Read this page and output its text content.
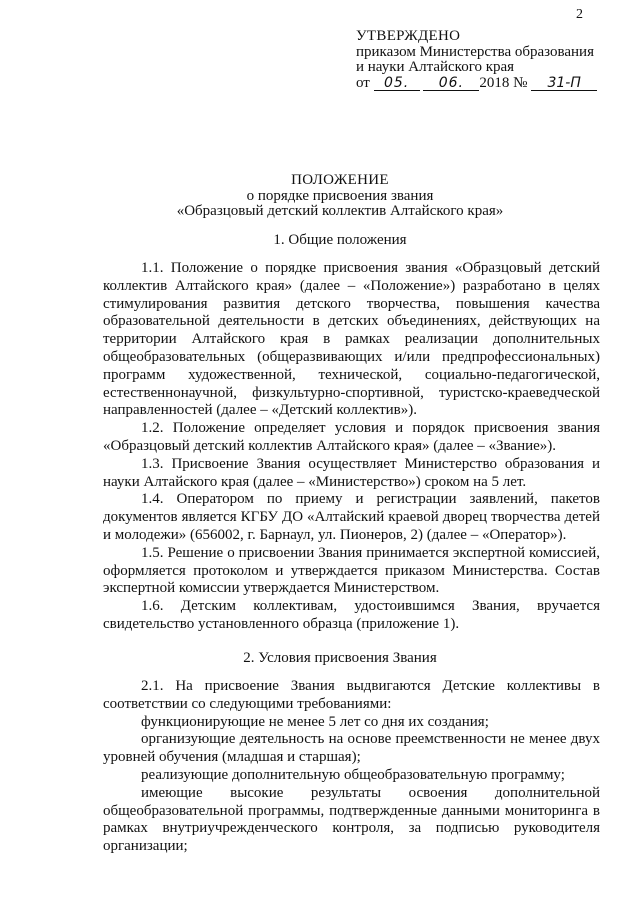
2
УТВЕРЖДЕНО
приказом Министерства образования
и науки Алтайского края
от 05. 06. 2018 № 31-П
ПОЛОЖЕНИЕ
о порядке присвоения звания
«Образцовый детский коллектив Алтайского края»
1. Общие положения

1.1. Положение о порядке присвоения звания «Образцовый детский коллектив Алтайского края» (далее – «Положение») разработано в целях стимулирования развития детского творчества, повышения качества образовательной деятельности в детских объединениях, действующих на территории Алтайского края в рамках реализации дополнительных общеобразовательных (общеразвивающих и/или предпрофессиональных) программ художественной, технической, социально-педагогической, естественнонаучной, физкультурно-спортивной, туристско-краеведческой направленностей (далее – «Детский коллектив»).

1.2. Положение определяет условия и порядок присвоения звания «Образцовый детский коллектив Алтайского края» (далее – «Звание»).

1.3. Присвоение Звания осуществляет Министерство образования и науки Алтайского края (далее – «Министерство») сроком на 5 лет.

1.4. Оператором по приему и регистрации заявлений, пакетов документов является КГБУ ДО «Алтайский краевой дворец творчества детей и молодежи» (656002, г. Барнаул, ул. Пионеров, 2) (далее – «Оператор»).

1.5. Решение о присвоении Звания принимается экспертной комиссией, оформляется протоколом и утверждается приказом Министерства. Состав экспертной комиссии утверждается Министерством.

1.6. Детским коллективам, удостоившимся Звания, вручается свидетельство установленного образца (приложение 1).

2. Условия присвоения Звания

2.1. На присвоение Звания выдвигаются Детские коллективы в соответствии со следующими требованиями:

функционирующие не менее 5 лет со дня их создания;

организующие деятельность на основе преемственности не менее двух уровней обучения (младшая и старшая);

реализующие дополнительную общеобразовательную программу;

имеющие высокие результаты освоения дополнительной общеобразовательной программы, подтвержденные данными мониторинга в рамках внутриучрежденческого контроля, за подписью руководителя организации;
